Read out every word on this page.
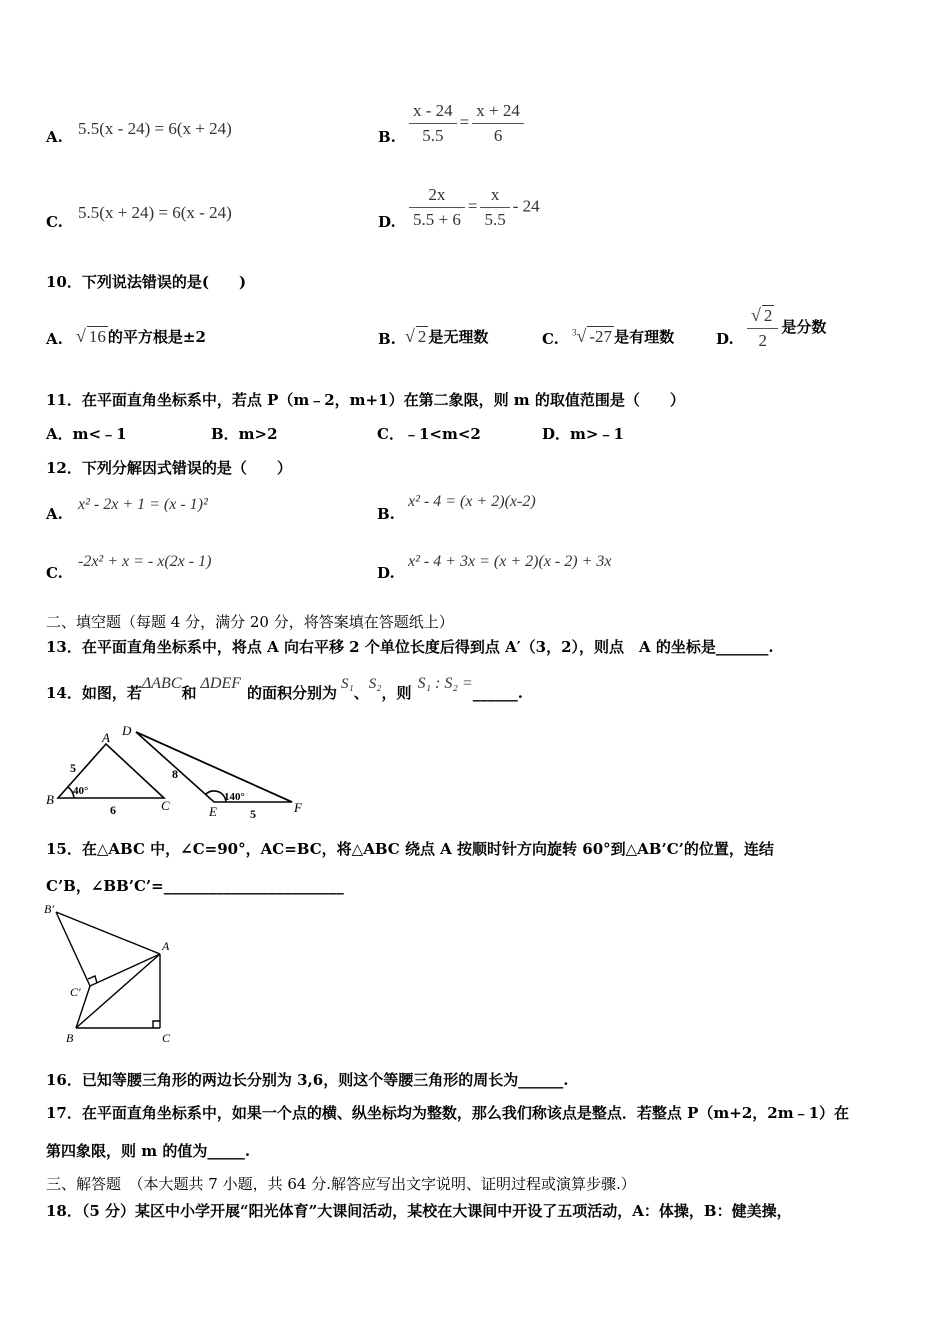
A. 5.5(x - 24) = 6(x + 24)	B. $\frac{x - 24}{5.5} = \frac{x + 24}{6}$
C. 5.5(x + 24) = 6(x - 24)	D. $\frac{2x}{5.5 + 6} = \frac{x}{5.5} - 24$
10．下列说法错误的是(　　)
A. √ 16 的平方根是±2	B. √ 2 是无理数	C. $^3$√ -27 是有理数	D. $\frac{√ 2}{2}$ 是分数
11．在平面直角坐标系中，若点 P（m﹣2，m+1）在第二象限，则 m 的取值范围是（　　）
A．m<﹣1	B．m>2	C．﹣1<m<2	D．m>﹣1
12．下列分解因式错误的是（　　）
A.
x² - 2x + 1 = (x - 1)²
B.
x² - 4 = (x + 2)(x-2)
C.
-2x² + x = - x(2x - 1)
D.
x² - 4 + 3x = (x + 2)(x - 2) + 3x
二、填空题（每题 4 分，满分 20 分，将答案填在答题纸上）
13．在平面直角坐标系中，将点 A 向右平移 2 个单位长度后得到点 A′（3，2），则点　A 的坐标是_______.
14．如图，若ΔABC和ΔDEF的面积分别为 S₁、S₂，则S₁ : S₂ =______.
A
B	C
D
E	F
5
6
40°
8
5
140°
15．在△ABC 中，∠C=90°，AC=BC，将△ABC 绕点 A 按顺时针方向旋转 60°到△AB’C’的位置，连结
C’B，∠BB’C’=________________________
B′
A
C′
B	C
16．已知等腰三角形的两边长分别为 3,6，则这个等腰三角形的周长为______.
17．在平面直角坐标系中，如果一个点的横、纵坐标均为整数，那么我们称该点是整点．若整点 P（m+2，2m﹣1）在
第四象限，则 m 的值为_____.
三、解答题　（本大题共 7 小题，共 64 分.解答应写出文字说明、证明过程或演算步骤.）
18．（5 分）某区中小学开展“阳光体育”大课间活动，某校在大课间中开设了五项活动，A：体操，B：健美操，
